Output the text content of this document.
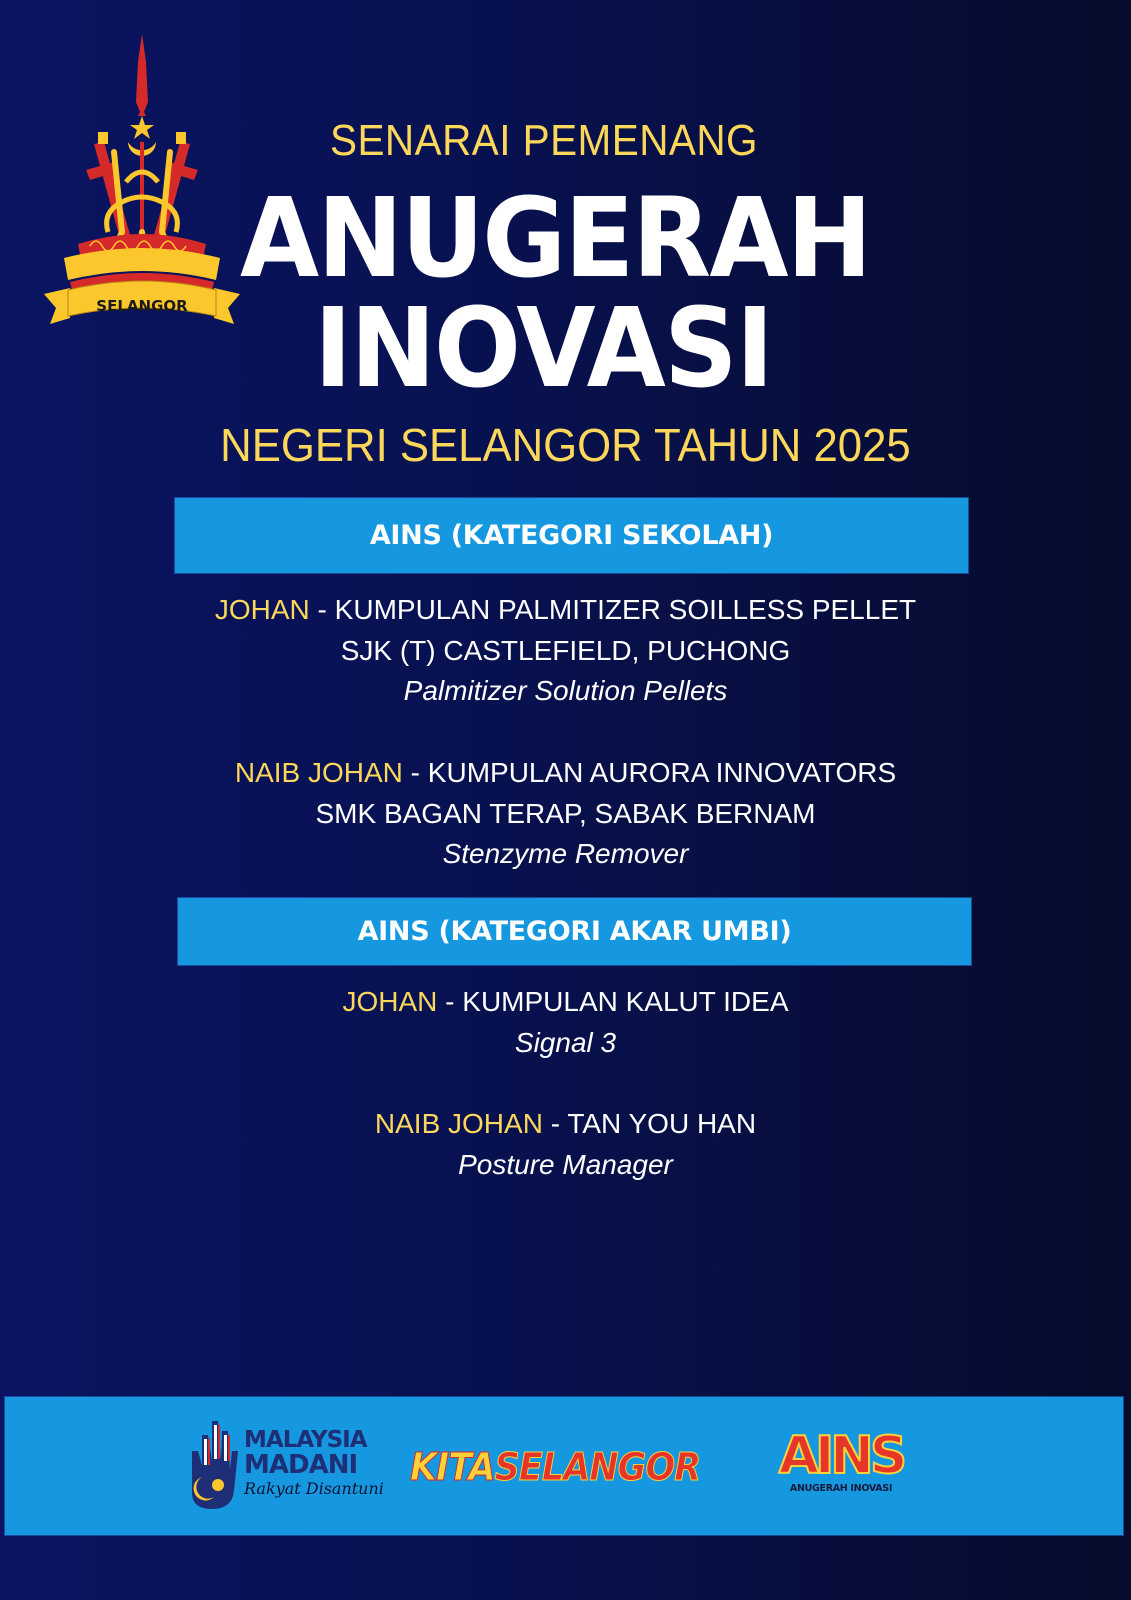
SELANGOR
SENARAI PEMENANG
ANUGERAH
INOVASI
NEGERI SELANGOR TAHUN 2025
AINS (KATEGORI SEKOLAH)
JOHAN - KUMPULAN PALMITIZER SOILLESS PELLET
SJK (T) CASTLEFIELD, PUCHONG
Palmitizer Solution Pellets
NAIB JOHAN - KUMPULAN AURORA INNOVATORS
SMK BAGAN TERAP, SABAK BERNAM
Stenzyme Remover
AINS (KATEGORI AKAR UMBI)
JOHAN - KUMPULAN KALUT IDEA
Signal 3
NAIB JOHAN - TAN YOU HAN
Posture Manager
MALAYSIA
MADANI
Rakyat Disantuni KITASELANGOR AINS
ANUGERAH INOVASI
